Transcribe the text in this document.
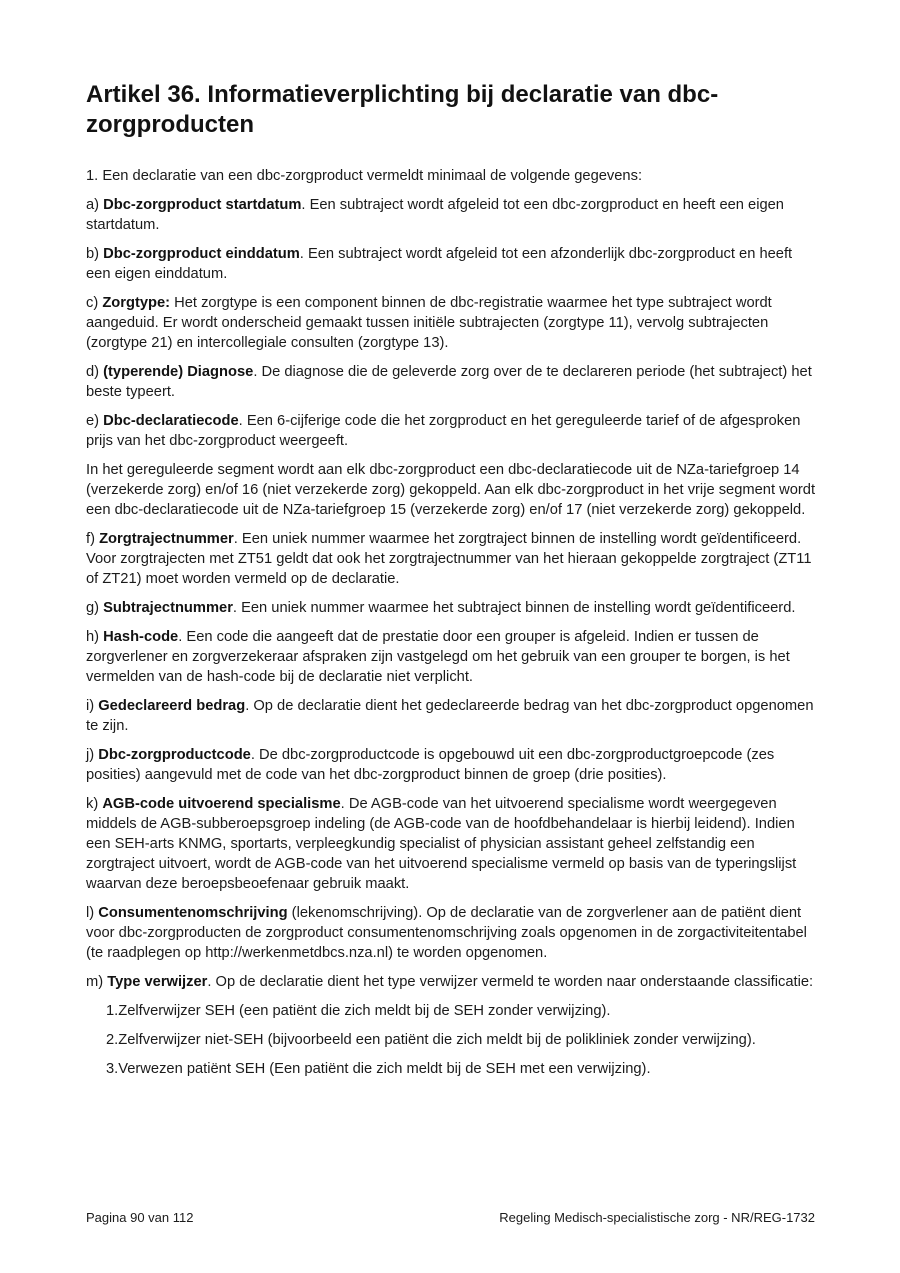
Artikel 36. Informatieverplichting bij declaratie van dbc-zorgproducten

1. Een declaratie van een dbc-zorgproduct vermeldt minimaal de volgende gegevens:

a) Dbc-zorgproduct startdatum. Een subtraject wordt afgeleid tot een dbc-zorgproduct en heeft een eigen startdatum.

b) Dbc-zorgproduct einddatum. Een subtraject wordt afgeleid tot een afzonderlijk dbc-zorgproduct en heeft een eigen einddatum.

c) Zorgtype: Het zorgtype is een component binnen de dbc-registratie waarmee het type subtraject wordt aangeduid. Er wordt onderscheid gemaakt tussen initiële subtrajecten (zorgtype 11), vervolg subtrajecten (zorgtype 21) en intercollegiale consulten (zorgtype 13).

d) (typerende) Diagnose. De diagnose die de geleverde zorg over de te declareren periode (het subtraject) het beste typeert.

e) Dbc-declaratiecode. Een 6-cijferige code die het zorgproduct en het gereguleerde tarief of de afgesproken prijs van het dbc-zorgproduct weergeeft.

In het gereguleerde segment wordt aan elk dbc-zorgproduct een dbc-declaratiecode uit de NZa-tariefgroep 14 (verzekerde zorg) en/of 16 (niet verzekerde zorg) gekoppeld. Aan elk dbc-zorgproduct in het vrije segment wordt een dbc-declaratiecode uit de NZa-tariefgroep 15 (verzekerde zorg) en/of 17 (niet verzekerde zorg) gekoppeld.

f) Zorgtrajectnummer. Een uniek nummer waarmee het zorgtraject binnen de instelling wordt geïdentificeerd. Voor zorgtrajecten met ZT51 geldt dat ook het zorgtrajectnummer van het hieraan gekoppelde zorgtraject (ZT11 of ZT21) moet worden vermeld op de declaratie.

g) Subtrajectnummer. Een uniek nummer waarmee het subtraject binnen de instelling wordt geïdentificeerd.

h) Hash-code. Een code die aangeeft dat de prestatie door een grouper is afgeleid. Indien er tussen de zorgverlener en zorgverzekeraar afspraken zijn vastgelegd om het gebruik van een grouper te borgen, is het vermelden van de hash-code bij de declaratie niet verplicht.

i) Gedeclareerd bedrag. Op de declaratie dient het gedeclareerde bedrag van het dbc-zorgproduct opgenomen te zijn.

j) Dbc-zorgproductcode. De dbc-zorgproductcode is opgebouwd uit een dbc-zorgproductgroepcode (zes posities) aangevuld met de code van het dbc-zorgproduct binnen de groep (drie posities).

k) AGB-code uitvoerend specialisme. De AGB-code van het uitvoerend specialisme wordt weergegeven middels de AGB-subberoepsgroep indeling (de AGB-code van de hoofdbehandelaar is hierbij leidend). Indien een SEH-arts KNMG, sportarts, verpleegkundig specialist of physician assistant geheel zelfstandig een zorgtraject uitvoert, wordt de AGB-code van het uitvoerend specialisme vermeld op basis van de typeringslijst waarvan deze beroepsbeoefenaar gebruik maakt.

l) Consumentenomschrijving (lekenomschrijving). Op de declaratie van de zorgverlener aan de patiënt dient voor dbc-zorgproducten de zorgproduct consumentenomschrijving zoals opgenomen in de zorgactiviteitentabel (te raadplegen op http://werkenmetdbcs.nza.nl) te worden opgenomen.

m) Type verwijzer. Op de declaratie dient het type verwijzer vermeld te worden naar onderstaande classificatie:

1.Zelfverwijzer SEH (een patiënt die zich meldt bij de SEH zonder verwijzing).

2.Zelfverwijzer niet-SEH (bijvoorbeeld een patiënt die zich meldt bij de polikliniek zonder verwijzing).

3.Verwezen patiënt SEH (Een patiënt die zich meldt bij de SEH met een verwijzing).

Pagina 90 van 112	Regeling Medisch-specialistische zorg - NR/REG-1732
